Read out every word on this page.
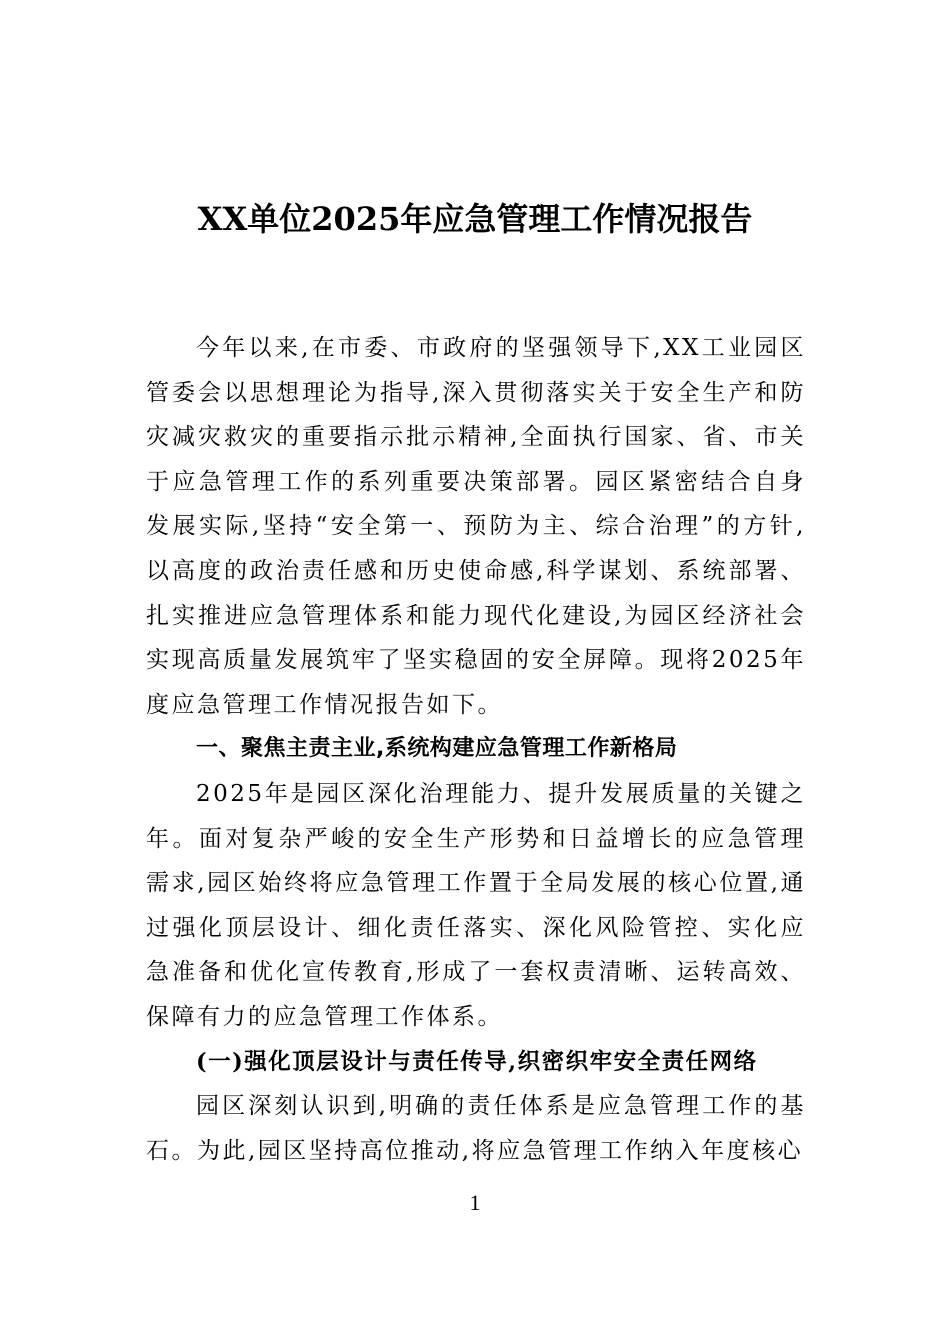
XX单位2025年应急管理工作情况报告

今年以来,在市委、市政府的坚强领导下,XX工业园区管委会以思想理论为指导,深入贯彻落实关于安全生产和防灾减灾救灾的重要指示批示精神,全面执行国家、省、市关于应急管理工作的系列重要决策部署。园区紧密结合自身发展实际,坚持“安全第一、预防为主、综合治理”的方针,以高度的政治责任感和历史使命感,科学谋划、系统部署、扎实推进应急管理体系和能力现代化建设,为园区经济社会实现高质量发展筑牢了坚实稳固的安全屏障。现将2025年度应急管理工作情况报告如下。

一、聚焦主责主业,系统构建应急管理工作新格局

2025年是园区深化治理能力、提升发展质量的关键之年。面对复杂严峻的安全生产形势和日益增长的应急管理需求,园区始终将应急管理工作置于全局发展的核心位置,通过强化顶层设计、细化责任落实、深化风险管控、实化应急准备和优化宣传教育,形成了一套权责清晰、运转高效、保障有力的应急管理工作体系。

(一)强化顶层设计与责任传导,织密织牢安全责任网络

园区深刻认识到,明确的责任体系是应急管理工作的基石。为此,园区坚持高位推动,将应急管理工作纳入年度核心

1
